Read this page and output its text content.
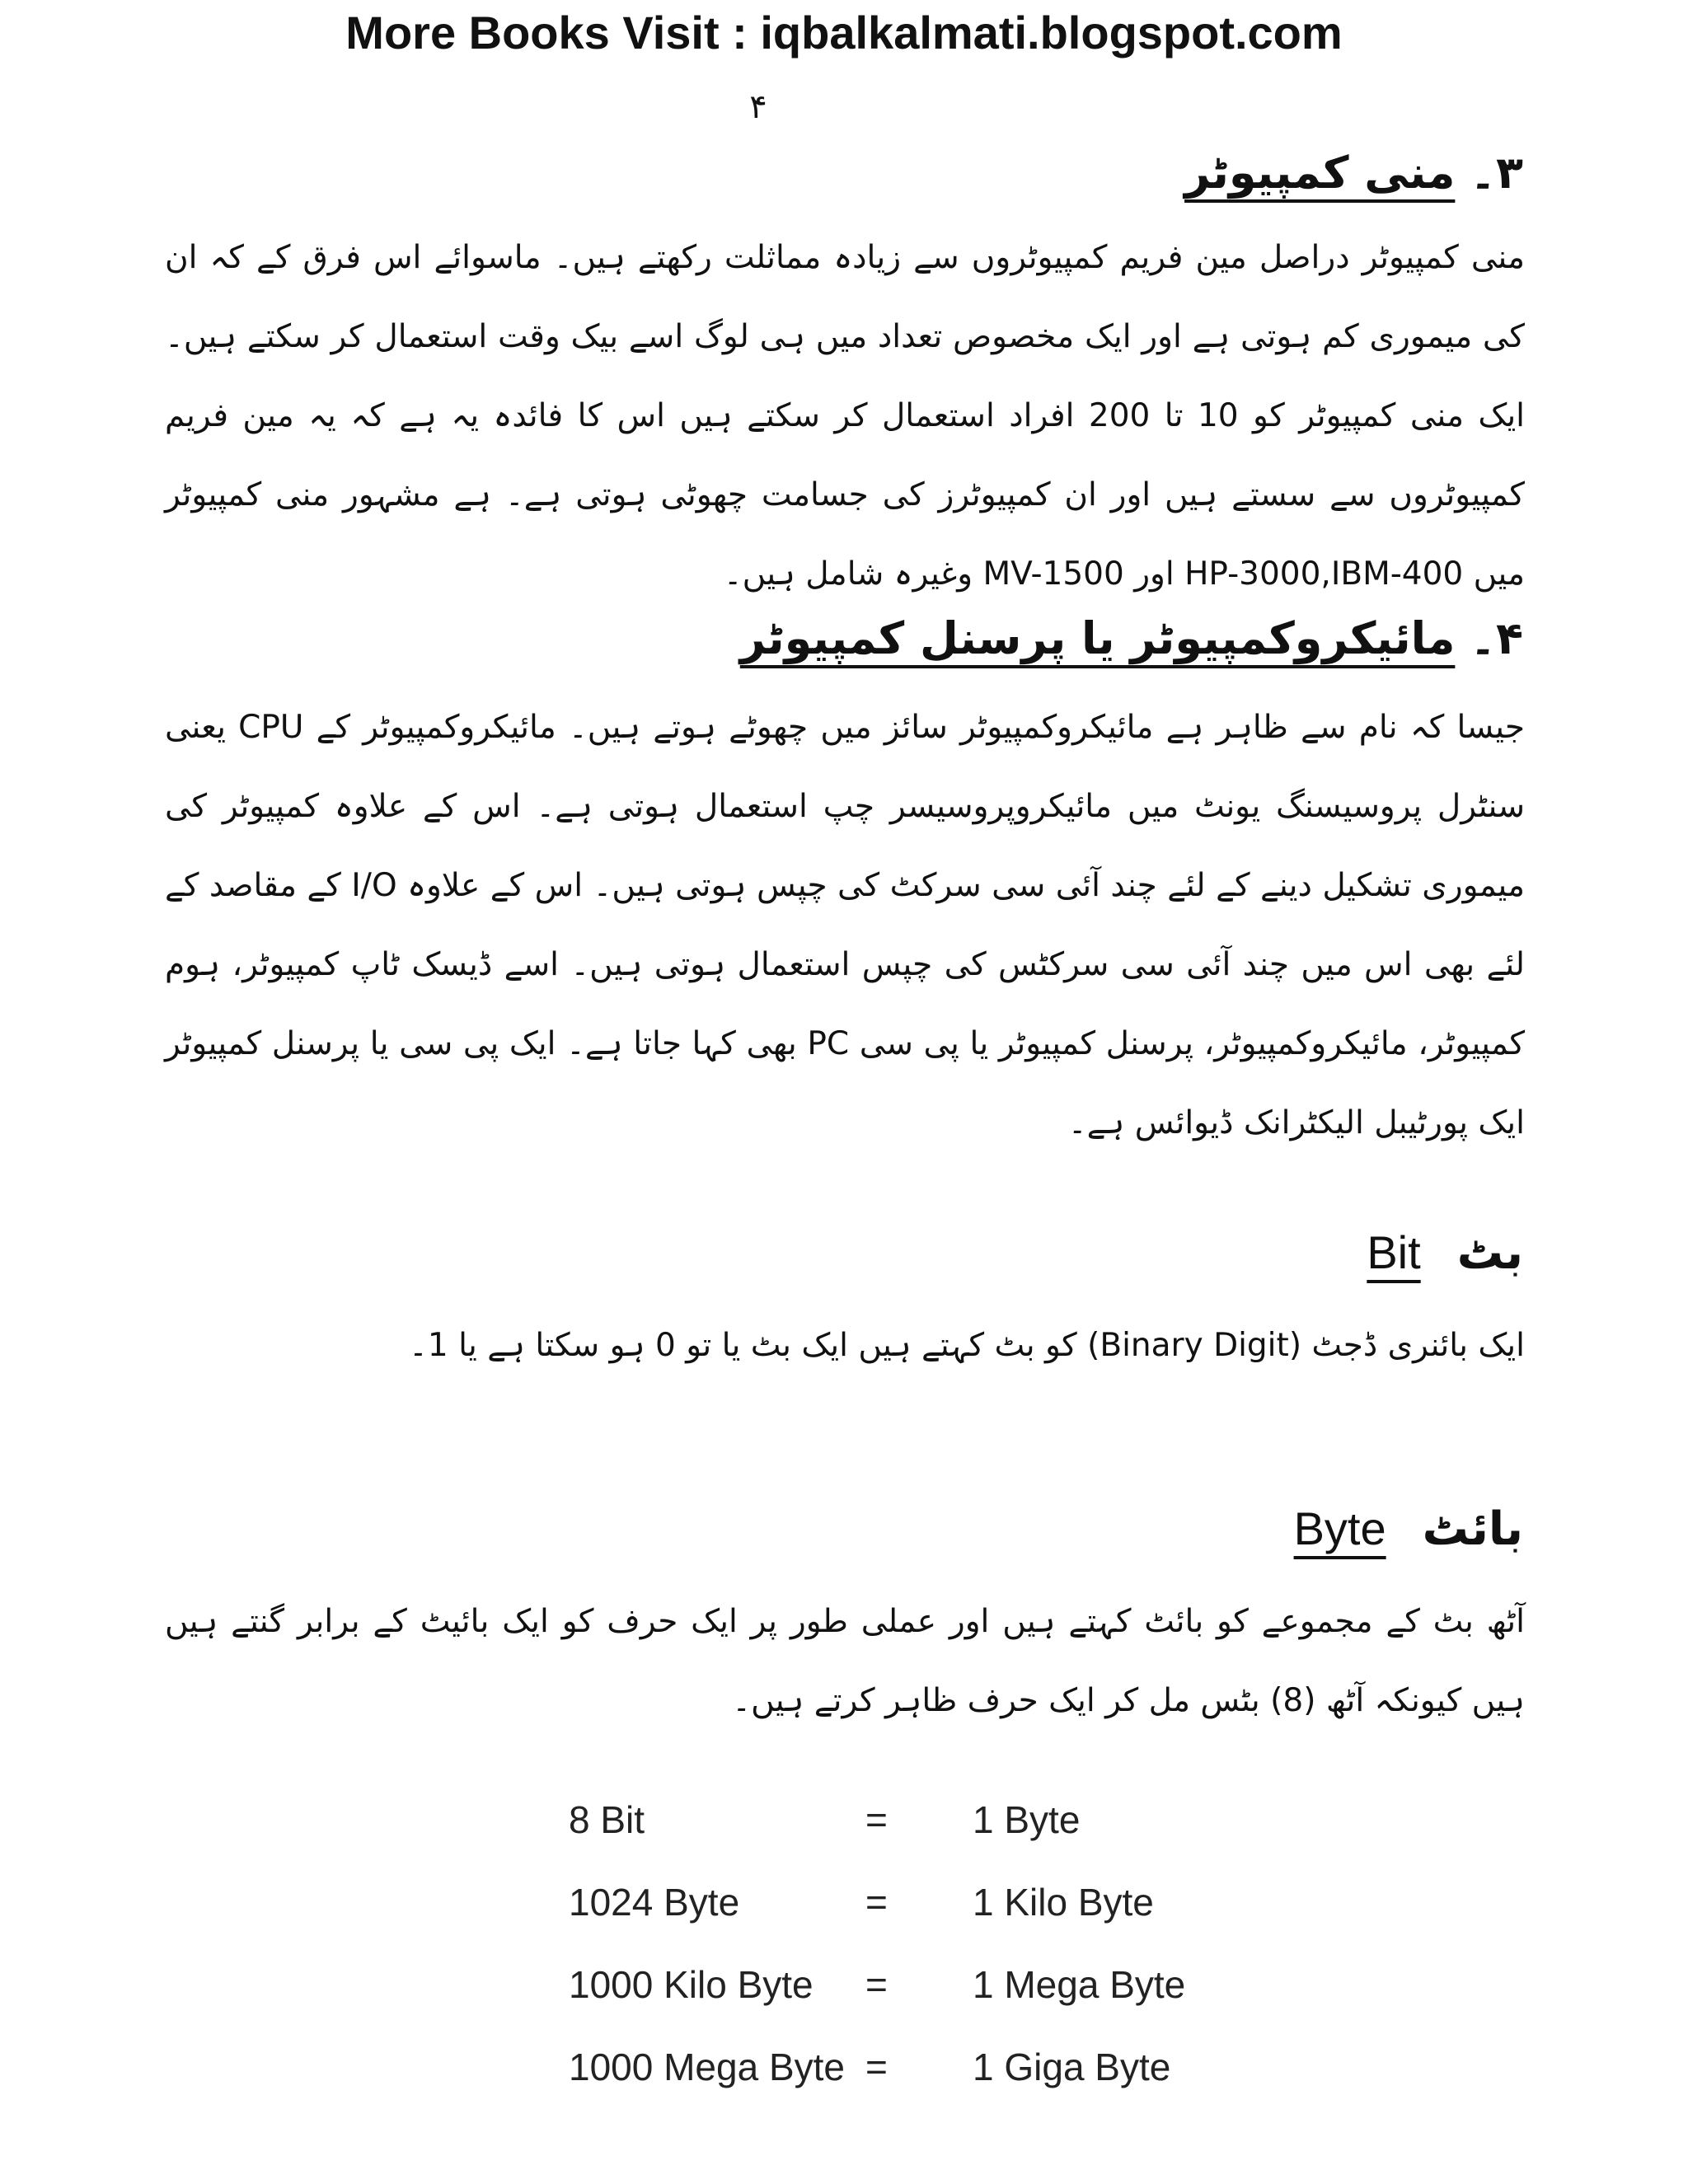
More Books Visit : iqbalkalmati.blogspot.com
۴
۳۔منی کمپیوٹر
منی کمپیوٹر دراصل مین فریم کمپیوٹروں سے زیادہ مماثلت رکھتے ہیں۔ ماسوائے اس فرق کے کہ ان کی میموری کم ہوتی ہے اور ایک مخصوص تعداد میں ہی لوگ اسے بیک وقت استعمال کر سکتے ہیں۔ ایک منی کمپیوٹر کو 10 تا 200 افراد استعمال کر سکتے ہیں اس کا فائدہ یہ ہے کہ یہ مین فریم کمپیوٹروں سے سستے ہیں اور ان کمپیوٹرز کی جسامت چھوٹی ہوتی ہے۔ ہے مشہور منی کمپیوٹر میں HP-3000,IBM-400 اور MV-1500 وغیرہ شامل ہیں۔
۴۔مائیکروکمپیوٹر یا پرسنل کمپیوٹر
جیسا کہ نام سے ظاہر ہے مائیکروکمپیوٹر سائز میں چھوٹے ہوتے ہیں۔ مائیکروکمپیوٹر کے CPU یعنی سنٹرل پروسیسنگ یونٹ میں مائیکروپروسیسر چپ استعمال ہوتی ہے۔ اس کے علاوہ کمپیوٹر کی میموری تشکیل دینے کے لئے چند آئی سی سرکٹ کی چپس ہوتی ہیں۔ اس کے علاوہ I/O کے مقاصد کے لئے بھی اس میں چند آئی سی سرکٹس کی چپس استعمال ہوتی ہیں۔ اسے ڈیسک ٹاپ کمپیوٹر، ہوم کمپیوٹر، مائیکروکمپیوٹر، پرسنل کمپیوٹر یا پی سی PC بھی کہا جاتا ہے۔ ایک پی سی یا پرسنل کمپیوٹر ایک پورٹیبل الیکٹرانک ڈیوائس ہے۔
بٹBit
ایک بائنری ڈجٹ (Binary Digit) کو بٹ کہتے ہیں ایک بٹ یا تو 0 ہو سکتا ہے یا 1۔
بائٹByte
آٹھ بٹ کے مجموعے کو بائٹ کہتے ہیں اور عملی طور پر ایک حرف کو ایک بائیٹ کے برابر گنتے ہیں ہیں کیونکہ آٹھ (8) بٹس مل کر ایک حرف ظاہر کرتے ہیں۔
8 Bit	=	1 Byte
1024 Byte	=	1 Kilo Byte
1000 Kilo Byte	=	1 Mega Byte
1000 Mega Byte	=	1 Giga Byte
